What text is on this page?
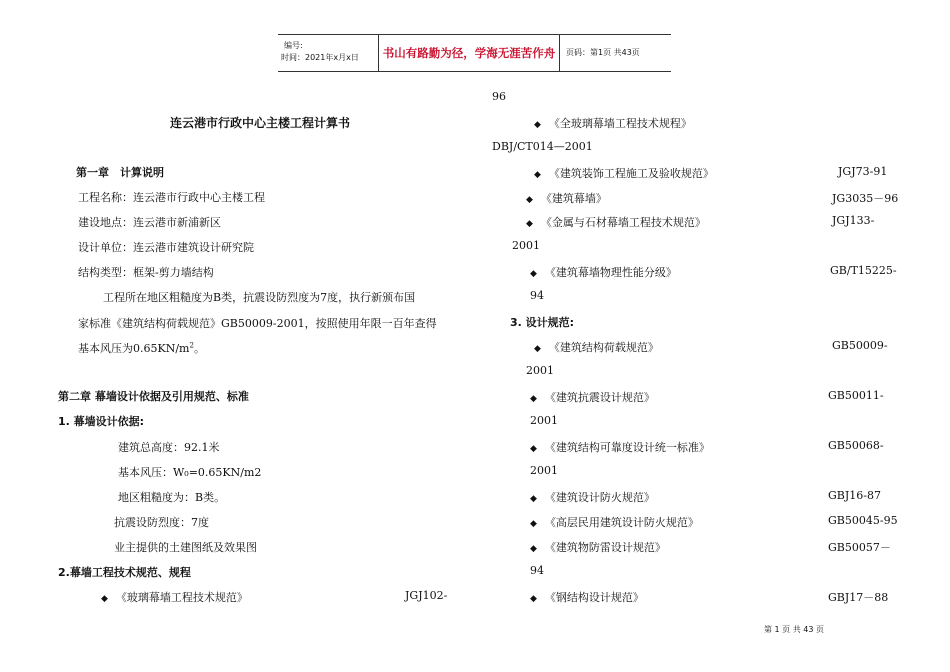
编号:
时间：2021年x月x日	书山有路勤为径，学海无涯苦作舟	页码：第1页 共43页
连云港市行政中心主楼工程计算书
第一章　计算说明
工程名称：连云港市行政中心主楼工程
建设地点：连云港市新浦新区
设计单位：连云港市建筑设计研究院
结构类型：框架-剪力墙结构
工程所在地区粗糙度为B类，抗震设防烈度为7度，执行新颁布国
家标准《建筑结构荷载规范》GB50009-2001，按照使用年限一百年查得
基本风压为$0.65KN/m^2$。
第二章 幕墙设计依据及引用规范、标准
1. 幕墙设计依据:
建筑总高度：92.1米
基本风压：W₀=0.65KN/m2
地区粗糙度为：B类。
抗震设防烈度：7度
业主提供的土建图纸及效果图
2.幕墙工程技术规范、规程
◆ 《玻璃幕墙工程技术规范》	JGJ102-
96
◆ 《全玻璃幕墙工程技术规程》
DBJ/CT014—2001
◆ 《建筑装饰工程施工及验收规范》	JGJ73-91
◆ 《建筑幕墙》	JG3035－96
◆ 《金属与石材幕墙工程技术规范》	JGJ133-
2001
◆ 《建筑幕墙物理性能分级》	GB/T15225-
94
3. 设计规范:
◆ 《建筑结构荷载规范》	GB50009-
2001
◆ 《建筑抗震设计规范》	GB50011-
2001
◆ 《建筑结构可靠度设计统一标准》	GB50068-
2001
◆ 《建筑设计防火规范》	GBJ16-87
◆ 《高层民用建筑设计防火规范》	GB50045-95
◆ 《建筑物防雷设计规范》	GB50057－
94
◆ 《钢结构设计规范》	GBJ17－88
第 1 页 共 43 页
